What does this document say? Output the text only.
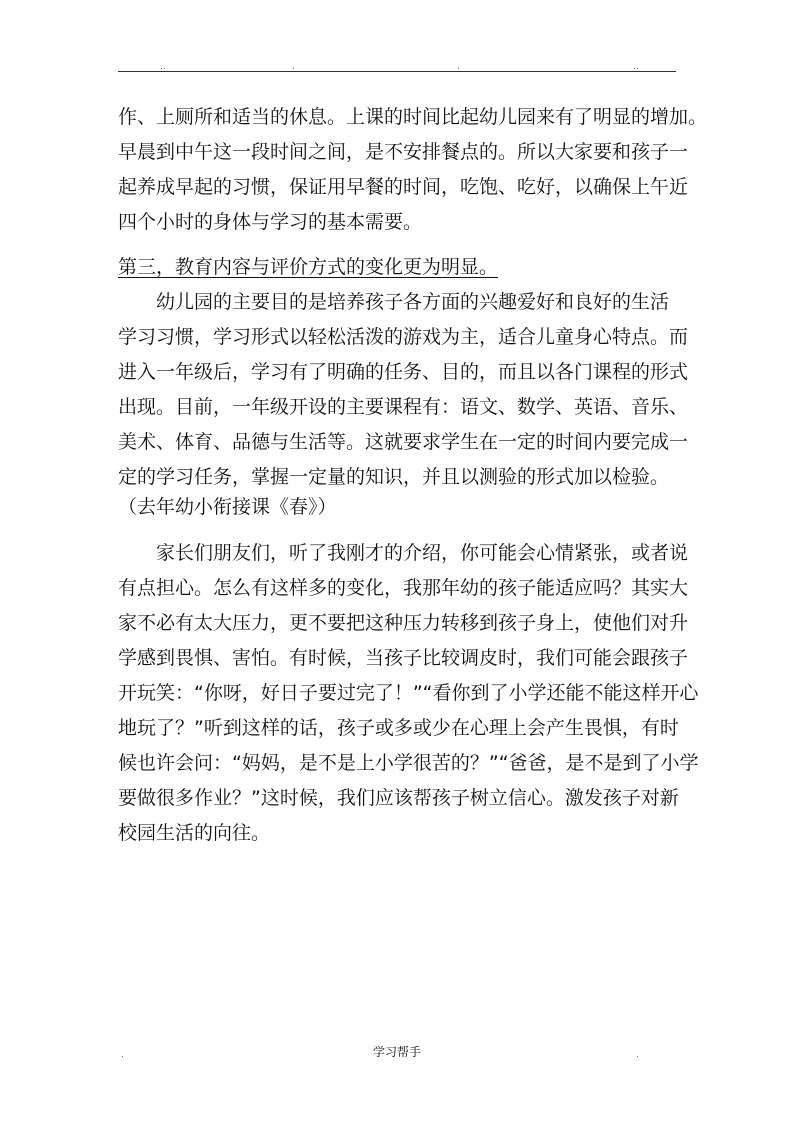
..	.	.	..
作、上厕所和适当的休息。上课的时间比起幼儿园来有了明显的增加。
早晨到中午这一段时间之间，是不安排餐点的。所以大家要和孩子一
起养成早起的习惯，保证用早餐的时间，吃饱、吃好，以确保上午近
四个小时的身体与学习的基本需要。
第三，教育内容与评价方式的变化更为明显。
　　幼儿园的主要目的是培养孩子各方面的兴趣爱好和良好的生活
学习习惯，学习形式以轻松活泼的游戏为主，适合儿童身心特点。而
进入一年级后，学习有了明确的任务、目的，而且以各门课程的形式
出现。目前，一年级开设的主要课程有：语文、数学、英语、音乐、
美术、体育、品德与生活等。这就要求学生在一定的时间内要完成一
定的学习任务，掌握一定量的知识，并且以测验的形式加以检验。
（去年幼小衔接课《春》）
　　家长们朋友们，听了我刚才的介绍，你可能会心情紧张，或者说
有点担心。怎么有这样多的变化，我那年幼的孩子能适应吗？其实大
家不必有太大压力，更不要把这种压力转移到孩子身上，使他们对升
学感到畏惧、害怕。有时候，当孩子比较调皮时，我们可能会跟孩子
开玩笑：“你呀，好日子要过完了！”“看你到了小学还能不能这样开心
地玩了？”听到这样的话，孩子或多或少在心理上会产生畏惧，有时
候也许会问：“妈妈，是不是上小学很苦的？”“爸爸，是不是到了小学
要做很多作业？”这时候，我们应该帮孩子树立信心。激发孩子对新
校园生活的向往。
.	学习帮手	.
